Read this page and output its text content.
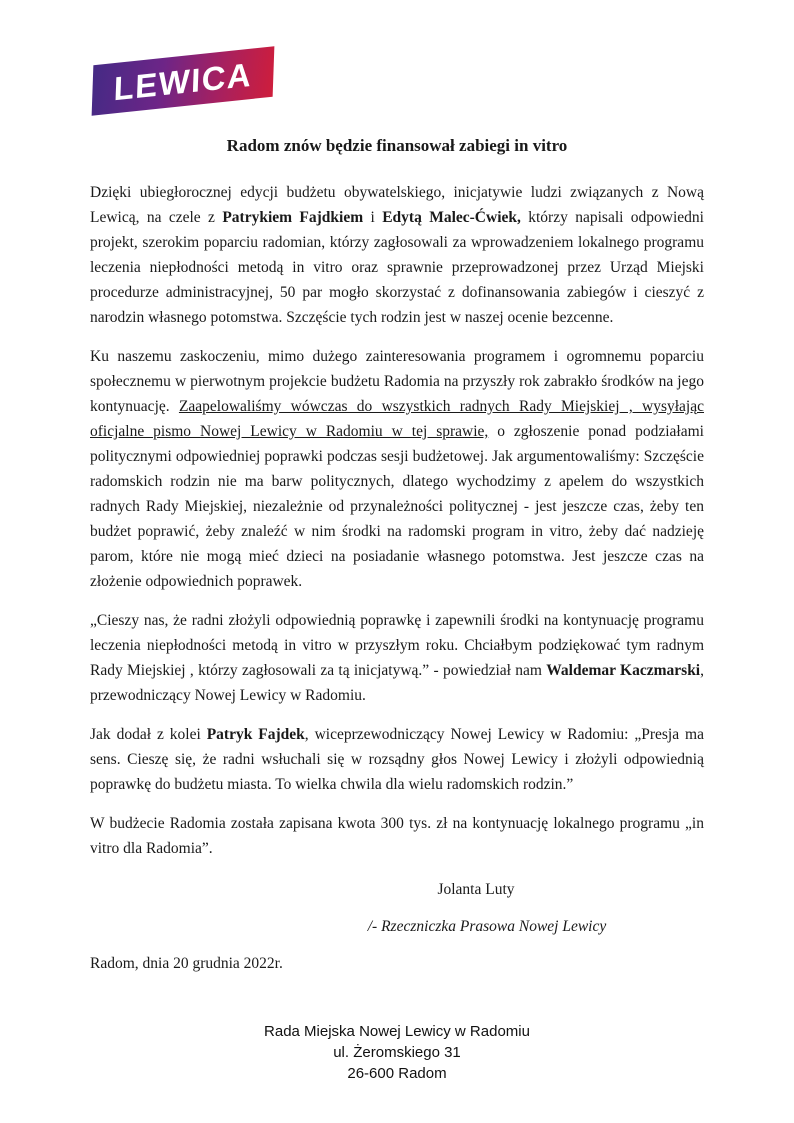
LEWICA
Radom znów będzie finansował zabiegi in vitro

Dzięki ubiegłorocznej edycji budżetu obywatelskiego, inicjatywie ludzi związanych z Nową Lewicą, na czele z Patrykiem Fajdkiem i Edytą Malec-Ćwiek, którzy napisali odpowiedni projekt, szerokim poparciu radomian, którzy zagłosowali za wprowadzeniem lokalnego programu leczenia niepłodności metodą in vitro oraz sprawnie przeprowadzonej przez Urząd Miejski procedurze administracyjnej, 50 par mogło skorzystać z dofinansowania zabiegów i cieszyć z narodzin własnego potomstwa. Szczęście tych rodzin jest w naszej ocenie bezcenne.

Ku naszemu zaskoczeniu, mimo dużego zainteresowania programem i ogromnemu poparciu społecznemu w pierwotnym projekcie budżetu Radomia na przyszły rok zabrakło środków na jego kontynuację. Zaapelowaliśmy wówczas do wszystkich radnych Rady Miejskiej , wysyłając oficjalne pismo Nowej Lewicy w Radomiu w tej sprawie, o zgłoszenie ponad podziałami politycznymi odpowiedniej poprawki podczas sesji budżetowej. Jak argumentowaliśmy: Szczęście radomskich rodzin nie ma barw politycznych, dlatego wychodzimy z apelem do wszystkich radnych Rady Miejskiej, niezależnie od przynależności politycznej - jest jeszcze czas, żeby ten budżet poprawić, żeby znaleźć w nim środki na radomski program in vitro, żeby dać nadzieję parom, które nie mogą mieć dzieci na posiadanie własnego potomstwa. Jest jeszcze czas na złożenie odpowiednich poprawek.

„Cieszy nas, że radni złożyli odpowiednią poprawkę i zapewnili środki na kontynuację programu leczenia niepłodności metodą in vitro w przyszłym roku. Chciałbym podziękować tym radnym Rady Miejskiej , którzy zagłosowali za tą inicjatywą.” - powiedział nam Waldemar Kaczmarski, przewodniczący Nowej Lewicy w Radomiu.

Jak dodał z kolei Patryk Fajdek, wiceprzewodniczący Nowej Lewicy w Radomiu: „Presja ma sens. Cieszę się, że radni wsłuchali się w rozsądny głos Nowej Lewicy i złożyli odpowiednią poprawkę do budżetu miasta. To wielka chwila dla wielu radomskich rodzin.”

W budżecie Radomia została zapisana kwota 300 tys. zł na kontynuację lokalnego programu „in vitro dla Radomia”.

Jolanta Luty

/- Rzeczniczka Prasowa Nowej Lewicy

Radom, dnia 20 grudnia 2022r.

Rada Miejska Nowej Lewicy w Radomiu
ul. Żeromskiego 31
26-600 Radom
